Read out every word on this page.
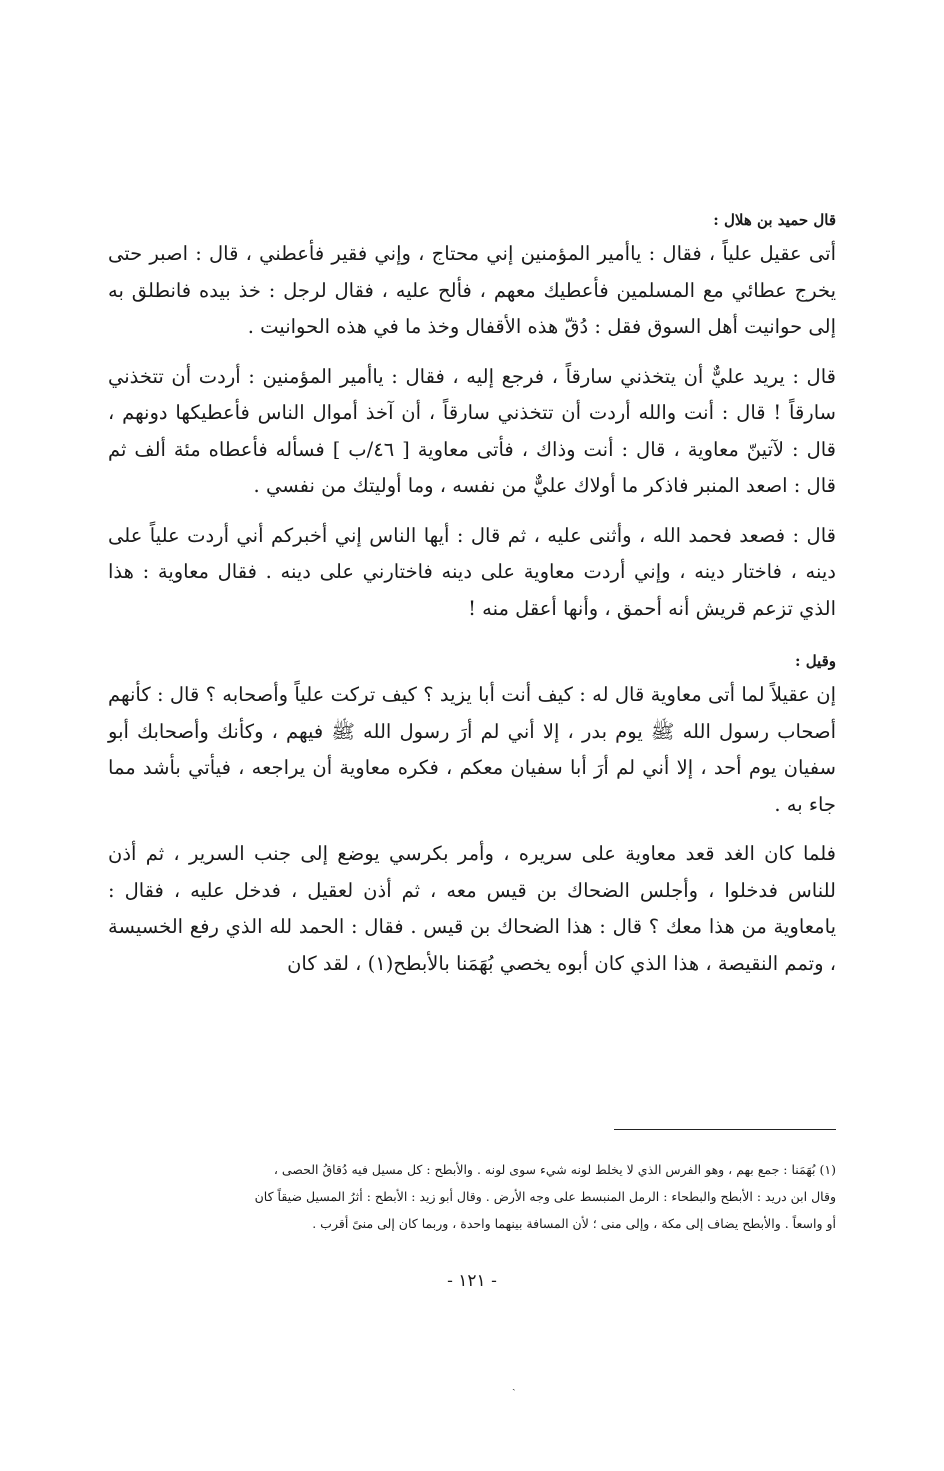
قال حميد بن هلال :

أتى عقيل علياً ، فقال : ياأمير المؤمنين إني محتاج ، وإني فقير فأعطني ، قال : اصبر حتى يخرج عطائي مع المسلمين فأعطيك معهم ، فألح عليه ، فقال لرجل : خذ بيده فانطلق به إلى حوانيت أهل السوق فقل : دُقّ هذه الأقفال وخذ ما في هذه الحوانيت .

قال : يريد عليٌّ أن يتخذني سارقاً ، فرجع إليه ، فقال : ياأمير المؤمنين : أردت أن تتخذني سارقاً ! قال : أنت والله أردت أن تتخذني سارقاً ، أن آخذ أموال الناس فأعطيكها دونهم ، قال : لآتينّ معاوية ، قال : أنت وذاك ، فأتى معاوية [ ٤٦/ب ] فسأله فأعطاه مئة ألف ثم قال : اصعد المنبر فاذكر ما أولاك عليٌّ من نفسه ، وما أوليتك من نفسي .

قال : فصعد فحمد الله ، وأثنى عليه ، ثم قال : أيها الناس إني أخبركم أني أردت علياً على دينه ، فاختار دينه ، وإني أردت معاوية على دينه فاختارني على دينه . فقال معاوية : هذا الذي تزعم قريش أنه أحمق ، وأنها أعقل منه !

وقيل :

إن عقيلاً لما أتى معاوية قال له : كيف أنت أبا يزيد ؟ كيف تركت علياً وأصحابه ؟ قال : كأنهم أصحاب رسول الله ﷺ يوم بدر ، إلا أني لم أرَ رسول الله ﷺ فيهم ، وكأنك وأصحابك أبو سفيان يوم أحد ، إلا أني لم أرَ أبا سفيان معكم ، فكره معاوية أن يراجعه ، فيأتي بأشد مما جاء به .

فلما كان الغد قعد معاوية على سريره ، وأمر بكرسي يوضع إلى جنب السرير ، ثم أذن للناس فدخلوا ، وأجلس الضحاك بن قيس معه ، ثم أذن لعقيل ، فدخل عليه ، فقال : يامعاوية من هذا معك ؟ قال : هذا الضحاك بن قيس . فقال : الحمد لله الذي رفع الخسيسة ، وتمم النقيصة ، هذا الذي كان أبوه يخصي بُهَمَنا بالأبطح(١) ، لقد كان

(١) بُهَمَنا : جمع بهم ، وهو الفرس الذي لا يخلط لونه شيء سوى لونه . والأبطح : كل مسيل فيه دُقاقُ الحصى ،

وقال ابن دريد : الأبطح والبطحاء : الرمل المنبسط على وجه الأرض . وقال أبو زيد : الأبطح : أثرُ المسيل ضيقاً كان

أو واسعاً . والأبطح يضاف إلى مكة ، وإلى منى ؛ لأن المسافة بينهما واحدة ، وربما كان إلى منىً أقرب .

- ١٢١ -
ˏ
